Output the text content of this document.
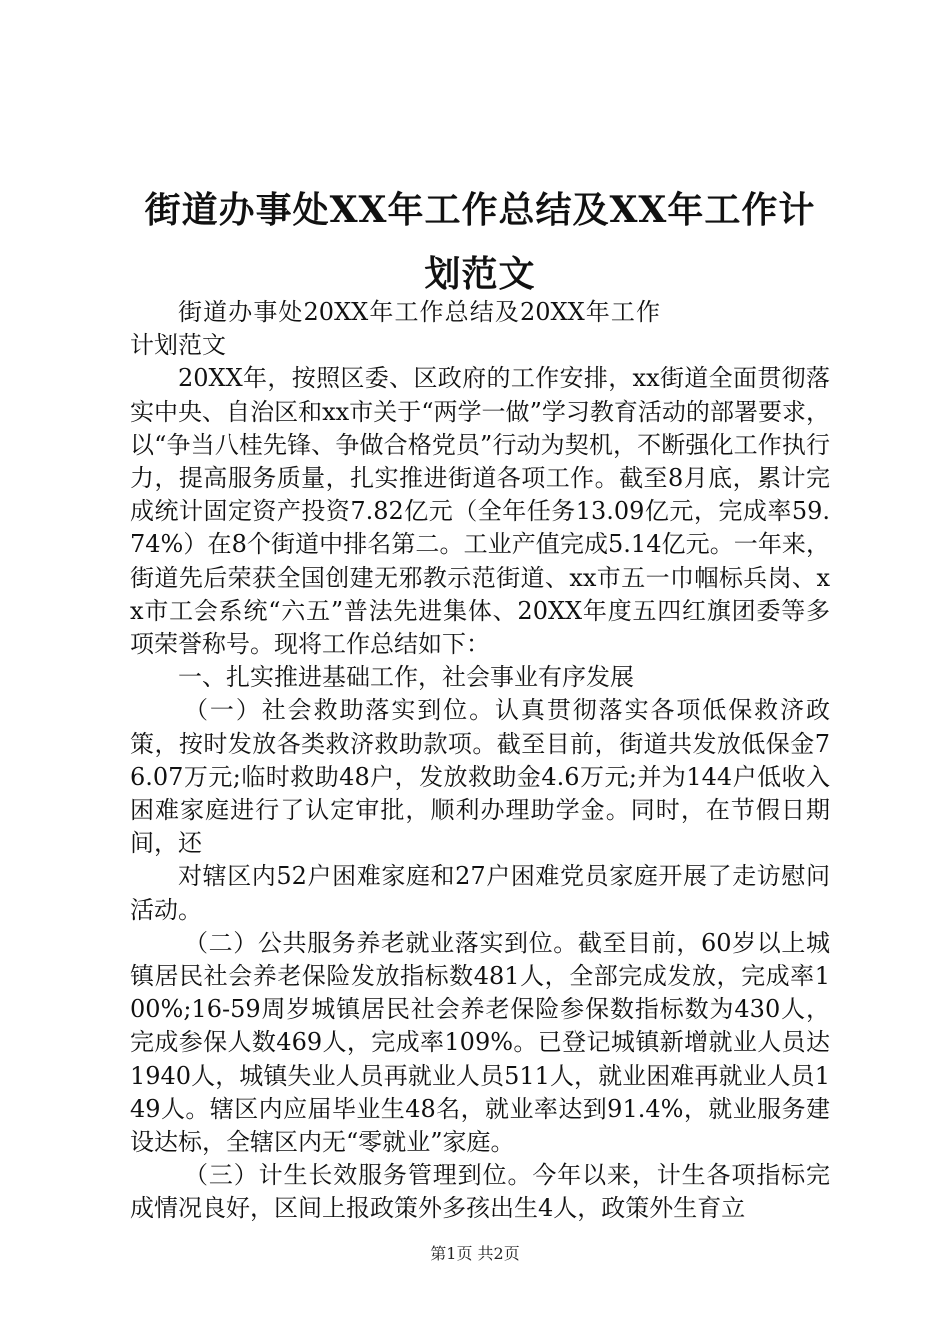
街道办事处XX年工作总结及XX年工作计划范文

街道办事处20XX年工作总结及20XX年工作计划范文

20XX年，按照区委、区政府的工作安排，xx街道全面贯彻落实中央、自治区和xx市关于“两学一做”学习教育活动的部署要求，以“争当八桂先锋、争做合格党员”行动为契机，不断强化工作执行力，提高服务质量，扎实推进街道各项工作。截至8月底，累计完成统计固定资产投资7.82亿元（全年任务13.09亿元，完成率59.74%）在8个街道中排名第二。工业产值完成5.14亿元。一年来，街道先后荣获全国创建无邪教示范街道、xx市五一巾帼标兵岗、xx市工会系统“六五”普法先进集体、20XX年度五四红旗团委等多项荣誉称号。现将工作总结如下：

一、扎实推进基础工作，社会事业有序发展

（一）社会救助落实到位。认真贯彻落实各项低保救济政策，按时发放各类救济救助款项。截至目前，街道共发放低保金76.07万元;临时救助48户，发放救助金4.6万元;并为144户低收入困难家庭进行了认定审批，顺利办理助学金。同时，在节假日期间，还

对辖区内52户困难家庭和27户困难党员家庭开展了走访慰问活动。

（二）公共服务养老就业落实到位。截至目前，60岁以上城镇居民社会养老保险发放指标数481人，全部完成发放，完成率100%;16-59周岁城镇居民社会养老保险参保数指标数为430人，完成参保人数469人，完成率109%。已登记城镇新增就业人员达1940人，城镇失业人员再就业人员511人，就业困难再就业人员149人。辖区内应届毕业生48名，就业率达到91.4%，就业服务建设达标，全辖区内无“零就业”家庭。

（三）计生长效服务管理到位。今年以来，计生各项指标完成情况良好，区间上报政策外多孩出生4人，政策外生育立

第1页 共2页
